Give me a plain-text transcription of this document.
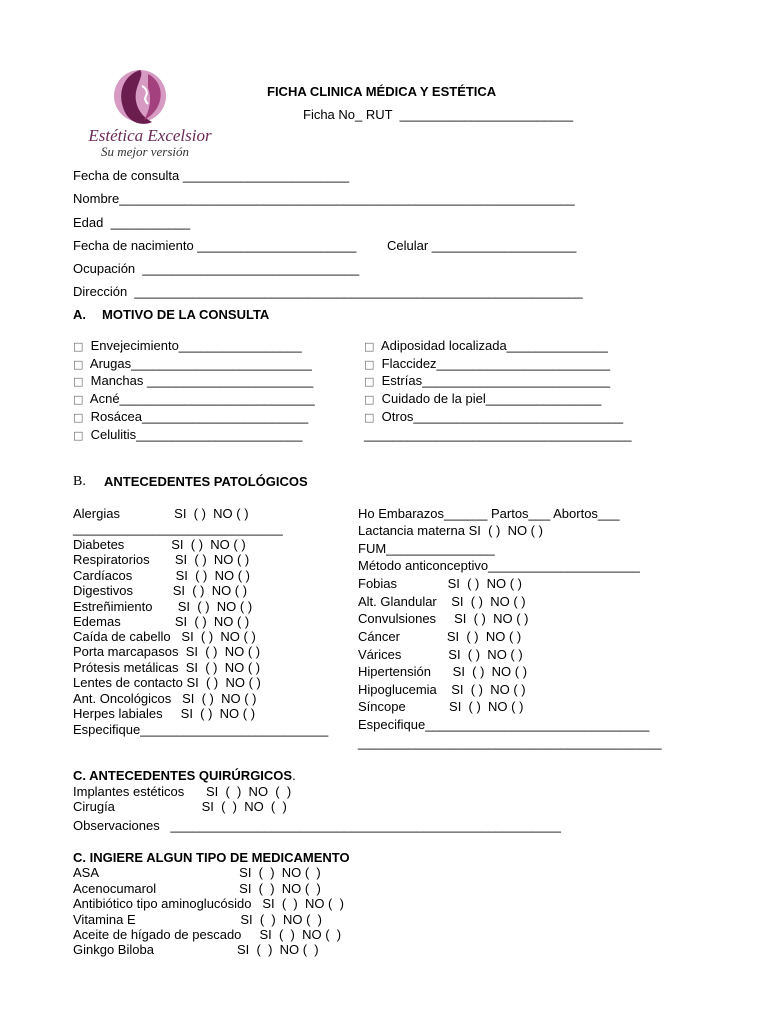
Estética Excelsior
Su mejor versión
FICHA CLINICA MÉDICA Y ESTÉTICA
Ficha No_ RUT  ________________________
Fecha de consulta _______________________
Nombre_______________________________________________________________
Edad  ___________
Fecha de nacimiento ______________________ Celular ____________________
Ocupación  ______________________________
Dirección  ______________________________________________________________
A. MOTIVO DE LA CONSULTA
□ Envejecimiento_________________
□ Arugas_________________________
□ Manchas _______________________
□ Acné___________________________
□ Rosácea_______________________
□ Celulitis_______________________
□ Adiposidad localizada______________
□ Flaccidez________________________
□ Estrías__________________________
□ Cuidado de la piel________________
□ Otros_____________________________
_____________________________________
B. ANTECEDENTES PATOLÓGICOS
Alergias               SI  ( )  NO ( )
_____________________________
Diabetes             SI  ( )  NO ( )
Respiratorios       SI  ( )  NO ( )
Cardíacos            SI  ( )  NO ( )
Digestivos           SI  ( )  NO ( )
Estreñimiento       SI  ( )  NO ( )
Edemas               SI  ( )  NO ( )
Caída de cabello   SI  ( )  NO ( )
Porta marcapasos  SI  ( )  NO ( )
Prótesis metálicas  SI  ( )  NO ( )
Lentes de contacto SI  ( )  NO ( )
Ant. Oncológicos   SI  ( )  NO ( )
Herpes labiales     SI  ( )  NO ( )
Especifique__________________________
Ho Embarazos______ Partos___ Abortos___
Lactancia materna SI  ( )  NO ( )
FUM_______________
Método anticonceptivo_____________________
Fobias              SI  ( )  NO ( )
Alt. Glandular    SI  ( )  NO ( )
Convulsiones     SI  ( )  NO ( )
Cáncer             SI  ( )  NO ( )
Várices             SI  ( )  NO ( )
Hipertensión      SI  ( )  NO ( )
Hipoglucemia    SI  ( )  NO ( )
Síncope            SI  ( )  NO ( )
Especifique_______________________________
__________________________________________
C. ANTECEDENTES QUIRÚRGICOS.
Implantes estéticos      SI  (  )  NO  (  )
Cirugía                        SI  (  )  NO  (  )
Observaciones   ______________________________________________________
C. INGIERE ALGUN TIPO DE MEDICAMENTO
ASA                                       SI  (  )  NO (  )
Acenocumarol                       SI  (  )  NO (  )
Antibiótico tipo aminoglucósido   SI  (  )  NO (  )
Vitamina E                             SI  (  )  NO (  )
Aceite de hígado de pescado     SI  (  )  NO (  )
Ginkgo Biloba                       SI  (  )  NO (  )
